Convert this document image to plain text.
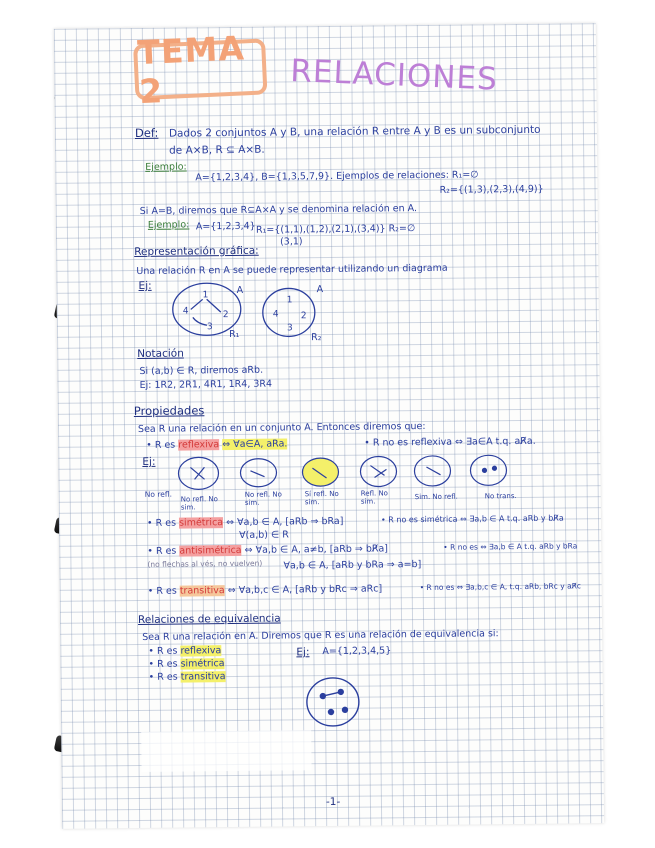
TEMA 2	RELACIONES
Def: Dados 2 conjuntos A y B, una relación R entre A y B es un subconjunto
de A×B, R ⊆ A×B.
Ejemplo:
A={1,2,3,4}, B={1,3,5,7,9}. Ejemplos de relaciones: R₁=∅
R₂={(1,3),(2,3),(4,9)}
Si A=B, diremos que R⊆A×A y se denomina relación en A.
Ejemplo: A={1,2,3,4} R₁={(1,1),(1,2),(2,1),(3,4)} R₂=∅
(3,1)
Representación gráfica:
Una relación R en A se puede representar utilizando un diagrama
Ej:	A	A
R₁	R₂
Notación
Si (a,b) ∈ R, diremos aRb.
Ej: 1R2, 2R1, 4R1, 1R4, 3R4
Propiedades
Sea R una relación en un conjunto A. Entonces diremos que:
• R es reflexiva ⇔ ∀a∈A, aRa.	• R no es reflexiva ⇔ ∃a∈A t.q. aR̸a.
Ej:
No refl.
No refl. No sim.
No refl. No sim.
Sí refl. No sim.
Refl. No sim.
Sim. No refl.	No trans.
• R es simétrica ⇔ ∀a,b ∈ A, [aRb ⇒ bRa]
∀(a,b) ∈ R
• R no es simétrica ⇔ ∃a,b ∈ A t.q. aRb y bR̸a
• R es antisimétrica ⇔ ∀a,b ∈ A, a≠b, [aRb ⇒ bR̸a]
(no flechas al vés, no vuelven) ∀a,b ∈ A, [aRb y bRa ⇒ a=b]
• R no es ⇔ ∃a,b ∈ A t.q. aRb y bRa
• R es transitiva ⇔ ∀a,b,c ∈ A, [aRb y bRc ⇒ aRc]	• R no es ⇔ ∃a,b,c ∈ A, t.q. aRb, bRc y aR̸c
Relaciones de equivalencia
Sea R una relación en A. Diremos que R es una relación de equivalencia si:
• R es reflexiva
• R es simétrica
• R es transitiva
Ej: A={1,2,3,4,5}
-1-
4
1
2
3
4
1
2
3
